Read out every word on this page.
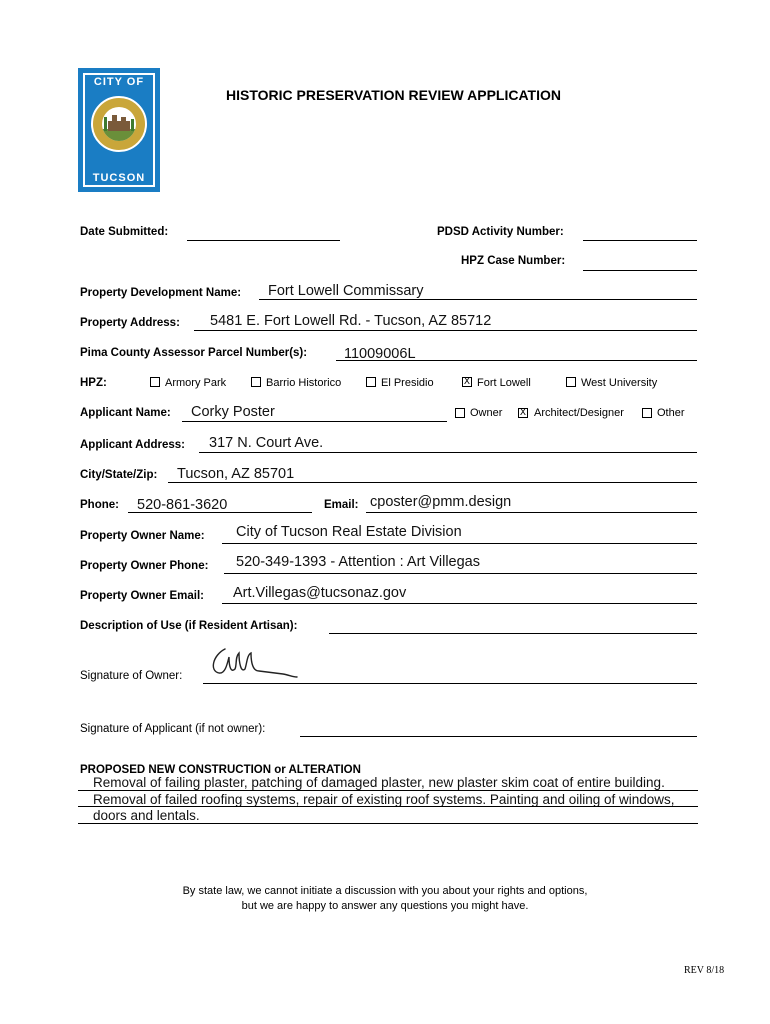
CITY OF
TUCSON
HISTORIC PRESERVATION REVIEW APPLICATION
Date Submitted:	PDSD Activity Number:
HPZ Case Number:
Property Development Name: Fort Lowell Commissary
Property Address: 5481 E. Fort Lowell Rd. - Tucson, AZ 85712
Pima County Assessor Parcel Number(s):	11009006L
HPZ:	Armory Park	Barrio Historico	El Presidio	X Fort Lowell	West University
Applicant Name: Corky Poster	Owner X Architect/Designer	Other
Applicant Address: 317 N. Court Ave.
City/State/Zip: Tucson, AZ 85701
Phone: 520-861-3620	Email: cposter@pmm.design
Property Owner Name: City of Tucson Real Estate Division
Property Owner Phone: 520-349-1393 - Attention : Art Villegas
Property Owner Email: Art.Villegas@tucsonaz.gov
Description of Use (if Resident Artisan):
Signature of Owner:
Signature of Applicant (if not owner):
PROPOSED NEW CONSTRUCTION or ALTERATION
Removal of failing plaster, patching of damaged plaster, new plaster skim coat of entire building.
Removal of failed roofing systems, repair of existing roof systems. Painting and oiling of windows,
doors and lentals.
By state law, we cannot initiate a discussion with you about your rights and options,
but we are happy to answer any questions you might have.
REV 8/18
